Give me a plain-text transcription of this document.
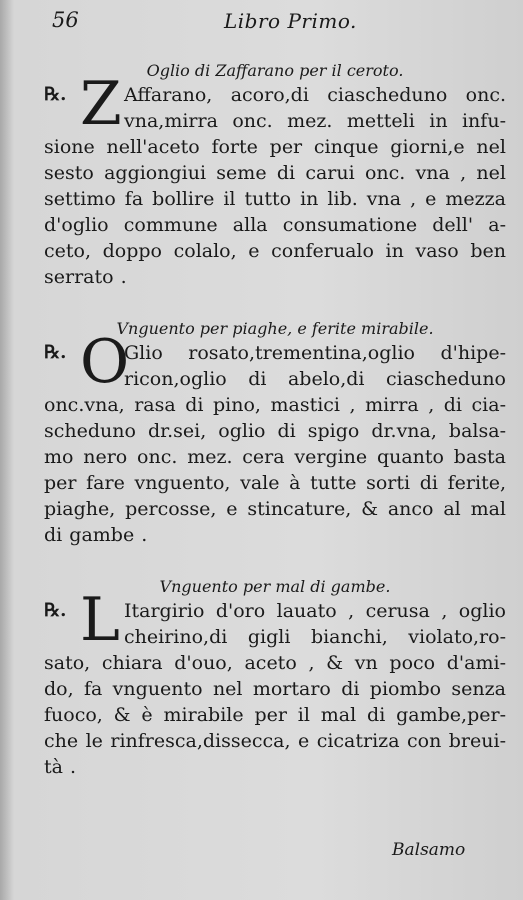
56	Libro Primo.
Oglio di Zaffarano per il ceroto.
℞. Z Affarano, acoro,di ciascheduno onc.
vna,mirra onc. mez. metteli in infu-
sione nell'aceto forte per cinque giorni,e nel
sesto aggiongiui seme di carui onc. vna , nel
settimo fa bollire il tutto in lib. vna , e mezza
d'oglio commune alla consumatione dell' a-
ceto, doppo colalo, e conferualo in vaso ben
serrato .
Vnguento per piaghe, e ferite mirabile.
℞. O
Glio rosato,trementina,oglio d'hipe-
ricon,oglio di abelo,di ciascheduno
onc.vna, rasa di pino, mastici , mirra , di cia-
scheduno dr.sei, oglio di spigo dr.vna, balsa-
mo nero onc. mez. cera vergine quanto basta
per fare vnguento, vale à tutte sorti di ferite,
piaghe, percosse, e stincature, & anco al mal
di gambe .
Vnguento per mal di gambe.
℞. L Itargirio d'oro lauato , cerusa , oglio
cheirino,di gigli bianchi, violato,ro-
sato, chiara d'ouo, aceto , & vn poco d'ami-
do, fa vnguento nel mortaro di piombo senza
fuoco, & è mirabile per il mal di gambe,per-
che le rinfresca,dissecca, e cicatriza con breui-
tà .
Balsamo
